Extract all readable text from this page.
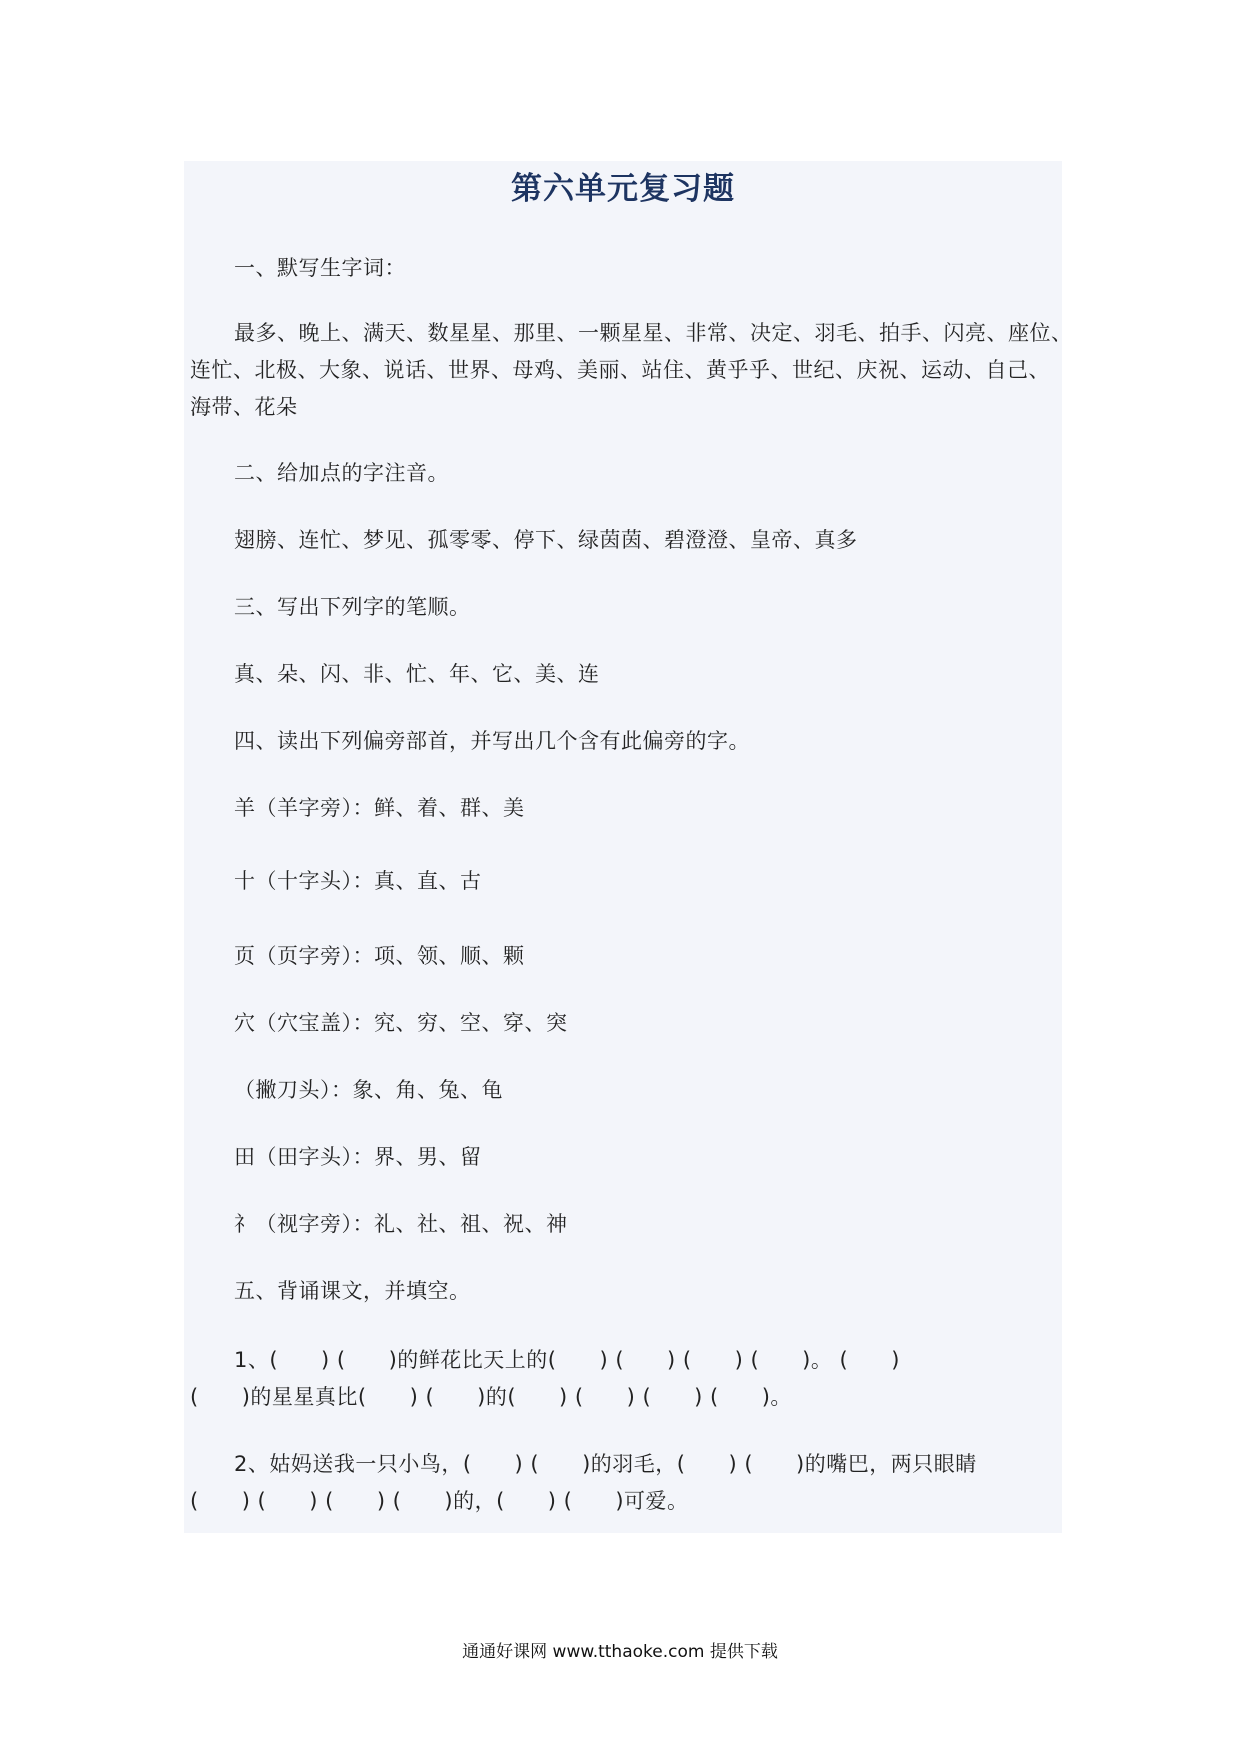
第六单元复习题
一、默写生字词：
最多、晚上、满天、数星星、那里、一颗星星、非常、决定、羽毛、拍手、闪亮、座位、
连忙、北极、大象、说话、世界、母鸡、美丽、站住、黄乎乎、世纪、庆祝、运动、自己、
海带、花朵
二、给加点的字注音。
翅膀、连忙、梦见、孤零零、停下、绿茵茵、碧澄澄、皇帝、真多
三、写出下列字的笔顺。
真、朵、闪、非、忙、年、它、美、连
四、读出下列偏旁部首，并写出几个含有此偏旁的字。
羊（羊字旁）：鲜、着、群、美
十（十字头）：真、直、古
页（页字旁）：项、领、顺、颗
穴（穴宝盖）：究、穷、空、穿、突
（撇刀头）：象、角、兔、龟
田（田字头）：界、男、留
礻（视字旁）：礼、社、祖、祝、神
五、背诵课文，并填空。
1、(　　) (　　)的鲜花比天上的(　　) (　　) (　　) (　　)。 (　　)
(　　)的星星真比(　　) (　　)的(　　) (　　) (　　) (　　)。
2、姑妈送我一只小鸟，(　　) (　　)的羽毛，(　　) (　　)的嘴巴，两只眼睛
(　　) (　　) (　　) (　　)的，(　　) (　　)可爱。
通通好课网 www.tthaoke.com 提供下载
